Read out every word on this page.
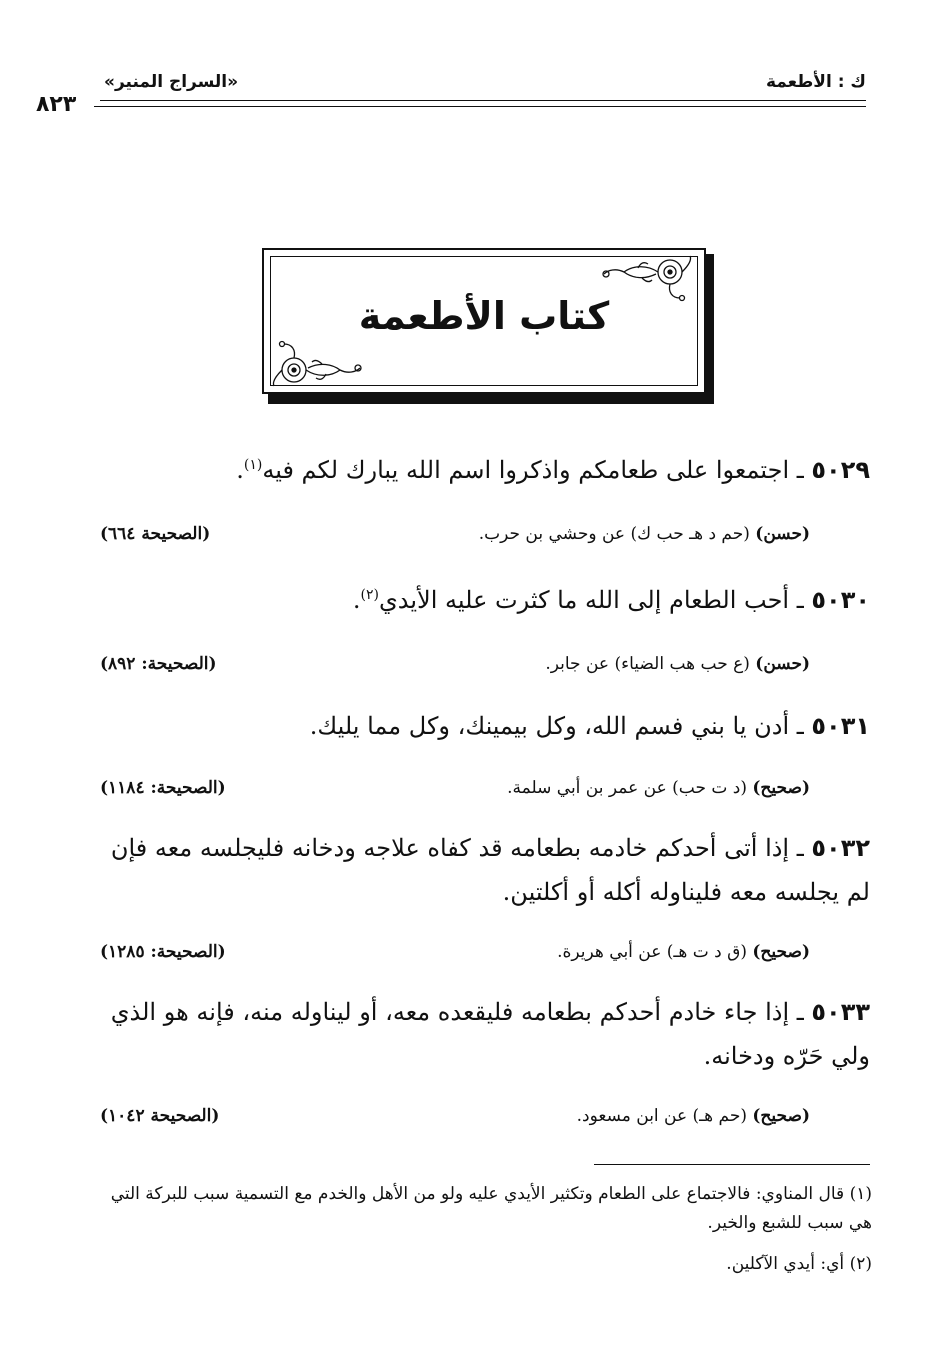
ك : الأطعمة
«السراج المنير»
٨٢٣
كتاب الأطعمة
٥٠٢٩ ـ اجتمعوا على طعامكم واذكروا اسم الله يبارك لكم فيه$^{(١)}$.
(حسن) (حم د هـ حب ك) عن وحشي بن حرب.
(الصحيحة ٦٦٤)
٥٠٣٠ ـ أحب الطعام إلى الله ما كثرت عليه الأيدي$^{(٢)}$.
(حسن) (ع حب هب الضياء) عن جابر.
(الصحيحة: ٨٩٢)
٥٠٣١ ـ أدن يا بني فسم الله، وكل بيمينك، وكل مما يليك.
(صحيح) (د ت حب) عن عمر بن أبي سلمة.
(الصحيحة: ١١٨٤)
٥٠٣٢ ـ إذا أتى أحدكم خادمه بطعامه قد كفاه علاجه ودخانه فليجلسه معه فإن لم يجلسه معه فليناوله أكله أو أكلتين.
(صحيح) (ق د ت هـ) عن أبي هريرة.
(الصحيحة: ١٢٨٥)
٥٠٣٣ ـ إذا جاء خادم أحدكم بطعامه فليقعده معه، أو ليناوله منه، فإنه هو الذي ولي حَرّه ودخانه.
(صحيح) (حم هـ) عن ابن مسعود.
(الصحيحة ١٠٤٢)
(١) قال المناوي: فالاجتماع على الطعام وتكثير الأيدي عليه ولو من الأهل والخدم مع التسمية سبب للبركة التي هي سبب للشبع والخير.
(٢) أي: أيدي الآكلين.
